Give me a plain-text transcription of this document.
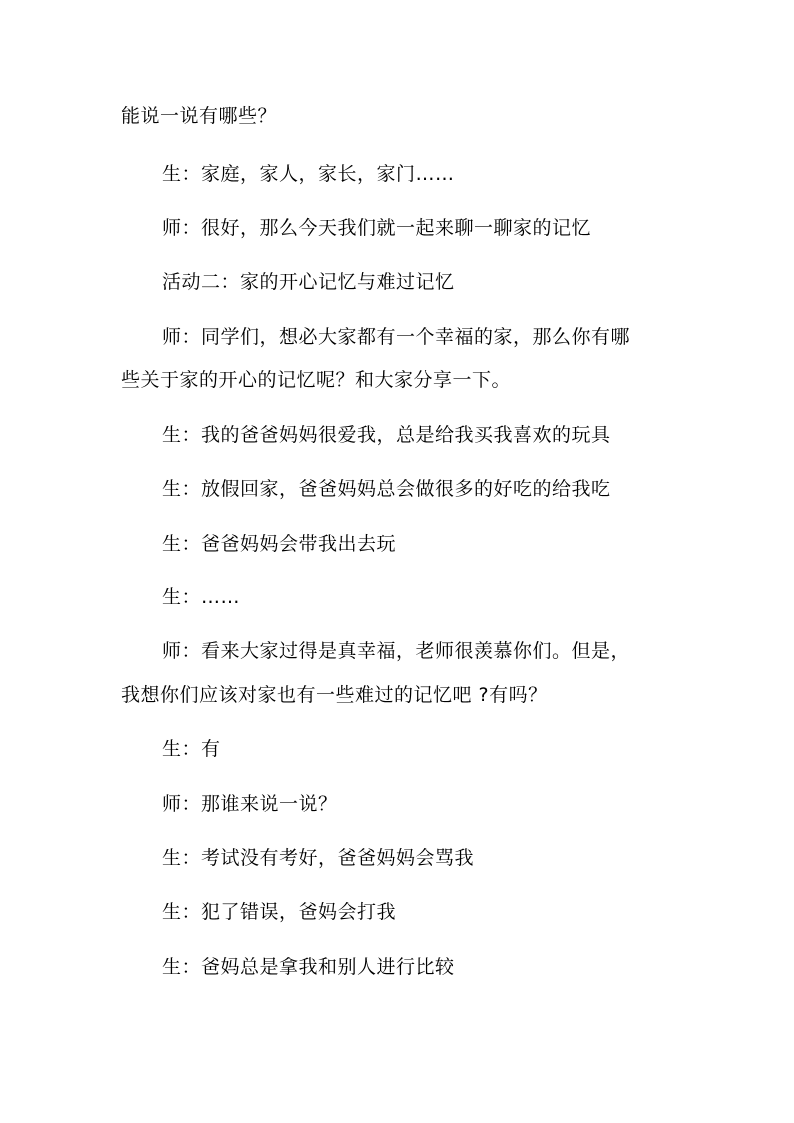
能说一说有哪些？
生：家庭，家人，家长，家门……
师：很好，那么今天我们就一起来聊一聊家的记忆
活动二：家的开心记忆与难过记忆
师：同学们，想必大家都有一个幸福的家，那么你有哪
些关于家的开心的记忆呢？和大家分享一下。
生：我的爸爸妈妈很爱我，总是给我买我喜欢的玩具
生：放假回家，爸爸妈妈总会做很多的好吃的给我吃
生：爸爸妈妈会带我出去玩
生：……
师：看来大家过得是真幸福，老师很羡慕你们。但是，
我想你们应该对家也有一些难过的记忆吧 ?有吗？
生：有
师：那谁来说一说？
生：考试没有考好，爸爸妈妈会骂我
生：犯了错误，爸妈会打我
生：爸妈总是拿我和别人进行比较
